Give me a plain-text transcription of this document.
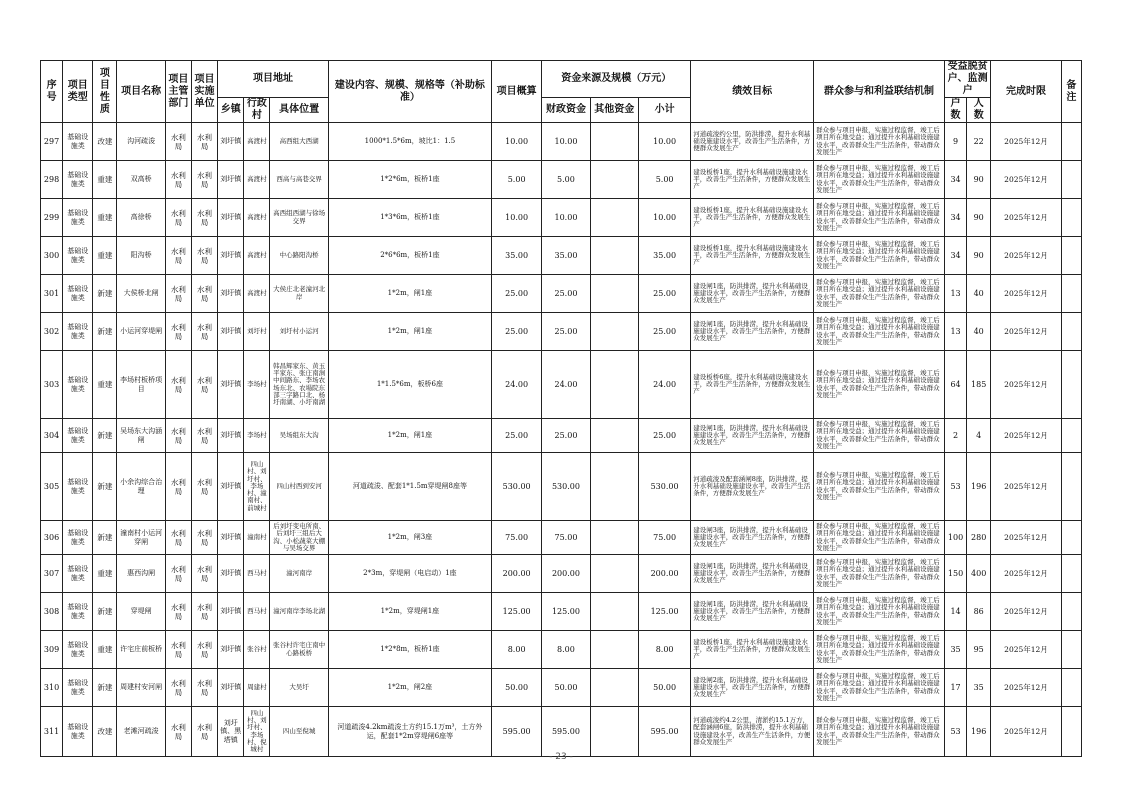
序号	项目类型	项目性质	项目名称	项目主管部门	项目实施单位	项目地址			建设内容、规模、规格等（补助标准）	项目概算	资金来源及规模（万元）			绩效目标	群众参与和利益联结机制	受益脱贫户、监测户		完成时限	备注
						乡镇	行政村	具体位置			财政资金	其他资金	小计			户数	人数		
297	基础设施类	改建	沟河疏浚	水利局	水利局	刘圩镇	高渡村	高西组大西湖	1000*1.5*6m，坡比1：1.5	10.00	10.00		10.00	河道疏浚约公里，防洪排涝，提升水利基础设施建设水平，改善生产生活条件，方便群众发展生产	群众参与项目申报，实施过程监督，竣工后项目所在地受益；通过提升水利基础设施建设水平，改善群众生产生活条件，带动群众发展生产	9	22	2025年12月	
298	基础设施类	重建	双高桥	水利局	水利局	刘圩镇	高渡村	西高与高巷交界	1*2*6m，板桥1座	5.00	5.00		5.00	建设板桥1座，提升水利基础设施建设水平，改善生产生活条件，方便群众发展生产	群众参与项目申报，实施过程监督，竣工后项目所在地受益；通过提升水利基础设施建设水平，改善群众生产生活条件，带动群众发展生产	34	90	2025年12月	
299	基础设施类	重建	高徐桥	水利局	水利局	刘圩镇	高渡村	高西组西湖与徐场交界	1*3*6m，板桥1座	10.00	10.00		10.00	建设板桥1座，提升水利基础设施建设水平，改善生产生活条件，方便群众发展生产	群众参与项目申报，实施过程监督，竣工后项目所在地受益；通过提升水利基础设施建设水平，改善群众生产生活条件，带动群众发展生产	34	90	2025年12月	
300	基础设施类	重建	阳沟桥	水利局	水利局	刘圩镇	高渡村	中心路阳沟桥	2*6*6m，板桥1座	35.00	35.00		35.00	建设板桥1座，提升水利基础设施建设水平，改善生产生活条件，方便群众发展生产	群众参与项目申报，实施过程监督，竣工后项目所在地受益；通过提升水利基础设施建设水平，改善群众生产生活条件，带动群众发展生产	34	90	2025年12月	
301	基础设施类	新建	大侯桥北闸	水利局	水利局	刘圩镇	高渡村	大侯庄北老潼河北岸	1*2m，闸1座	25.00	25.00		25.00	建设闸1座，防洪排涝，提升水利基础设施建设水平，改善生产生活条件，方便群众发展生产	群众参与项目申报，实施过程监督，竣工后项目所在地受益；通过提升水利基础设施建设水平，改善群众生产生活条件，带动群众发展生产	13	40	2025年12月	
302	基础设施类	新建	小运河穿堤闸	水利局	水利局	刘圩镇	刘圩村	刘圩村小运河	1*2m，闸1座	25.00	25.00		25.00	建设闸1座，防洪排涝，提升水利基础设施建设水平，改善生产生活条件，方便群众发展生产	群众参与项目申报，实施过程监督，竣工后项目所在地受益；通过提升水利基础设施建设水平，改善群众生产生活条件，带动群众发展生产	13	40	2025年12月	
303	基础设施类	重建	李场村板桥项目	水利局	水利局	刘圩镇	李场村	韩昌辉家东、黄玉平家东、张庄南涧中间路东、李场农场东北、农場院东部三字路口北、杨圩南湖、小圩南湖	1*1.5*6m，板桥6座	24.00	24.00		24.00	建设板桥6座，提升水利基础设施建设水平，改善生产生活条件，方便群众发展生产	群众参与项目申报，实施过程监督，竣工后项目所在地受益；通过提升水利基础设施建设水平，改善群众生产生活条件，带动群众发展生产	64	185	2025年12月	
304	基础设施类	新建	吴场东大沟涵闸	水利局	水利局	刘圩镇	李场村	吴场组东大沟	1*2m，闸1座	25.00	25.00		25.00	建设闸1座，防洪排涝，提升水利基础设施建设水平，改善生产生活条件，方便群众发展生产	群众参与项目申报，实施过程监督，竣工后项目所在地受益；通过提升水利基础设施建设水平，改善群众生产生活条件，带动群众发展生产	2	4	2025年12月	
305	基础设施类	新建	小余沟综合治理	水利局	水利局	刘圩镇	四山村、刘圩村、李场村、潼南村、前城村	四山村西到安河	河道疏浚、配套1*1.5m穿堤闸8座等	530.00	530.00		530.00	河道疏浚及配套涵闸8座，防洪排涝，提升水利基础设施建设水平，改善生产生活条件，方便群众发展生产	群众参与项目申报，实施过程监督，竣工后项目所在地受益；通过提升水利基础设施建设水平，改善群众生产生活条件，带动群众发展生产	53	196	2025年12月	
306	基础设施类	新建	潼南村小运河穿闸	水利局	水利局	刘圩镇	潼南村	后刘圩变电所南、后刘圩三组后大沟、小松蔬菜大棚与吴场交界	1*2m，闸3座	75.00	75.00		75.00	建设闸3座，防洪排涝，提升水利基础设施建设水平，改善生产生活条件，方便群众发展生产	群众参与项目申报，实施过程监督，竣工后项目所在地受益；通过提升水利基础设施建设水平，改善群众生产生活条件，带动群众发展生产	100	280	2025年12月	
307	基础设施类	重建	惠西沟闸	水利局	水利局	刘圩镇	西马村	潼河南岸	2*3m，穿堤闸（电启动）1座	200.00	200.00		200.00	建设闸1座，防洪排涝，提升水利基础设施建设水平，改善生产生活条件，方便群众发展生产	群众参与项目申报，实施过程监督，竣工后项目所在地受益；通过提升水利基础设施建设水平，改善群众生产生活条件，带动群众发展生产	150	400	2025年12月	
308	基础设施类	新建	穿堤闸	水利局	水利局	刘圩镇	西马村	潼河南岸李场北湖	1*2m，穿堤闸1座	125.00	125.00		125.00	建设闸1座，防洪排涝，提升水利基础设施建设水平，改善生产生活条件，方便群众发展生产	群众参与项目申报，实施过程监督，竣工后项目所在地受益；通过提升水利基础设施建设水平，改善群众生产生活条件，带动群众发展生产	14	86	2025年12月	
309	基础设施类	重建	许宅庄前板桥	水利局	水利局	刘圩镇	张谷村	张谷村许宅庄南中心路板桥	1*2*8m，板桥1座	8.00	8.00		8.00	建设板桥1座，提升水利基础设施建设水平，改善生产生活条件，方便群众发展生产	群众参与项目申报，实施过程监督，竣工后项目所在地受益；通过提升水利基础设施建设水平，改善群众生产生活条件，带动群众发展生产	35	95	2025年12月	
310	基础设施类	新建	周建村安河闸	水利局	水利局	刘圩镇	周建村	大吴圩	1*2m，闸2座	50.00	50.00		50.00	建设闸2座，防洪排涝，提升水利基础设施建设水平，改善生产生活条件，方便群众发展生产	群众参与项目申报，实施过程监督，竣工后项目所在地受益；通过提升水利基础设施建设水平，改善群众生产生活条件，带动群众发展生产	17	35	2025年12月	
311	基础设施类	改建	老滩河疏浚	水利局	水利局	刘圩镇、黑塔镇	四山村、刘圩村、李场村、倪城村	四山至倪城	河道疏浚4.2km疏浚土方约15.1万m³，土方外运，配套1*2m穿堤闸6座等	595.00	595.00		595.00	河道疏浚约4.2公里，清淤约15.1万方，配套涵闸6座，防洪排涝，提升水利基础设施建设水平，改善生产生活条件，方便群众发展生产	群众参与项目申报，实施过程监督，竣工后项目所在地受益；通过提升水利基础设施建设水平，改善群众生产生活条件，带动群众发展生产	53	196	2025年12月	
- 23 -
